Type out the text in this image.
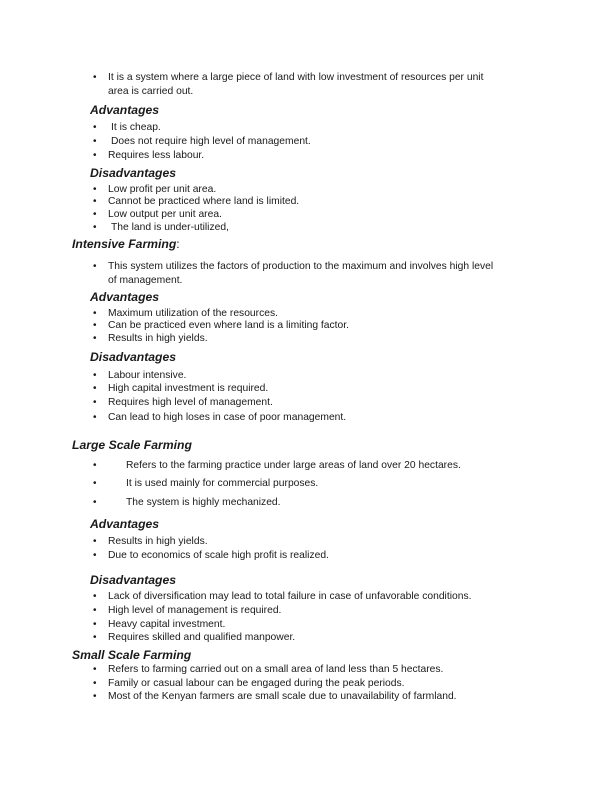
• It is a system where a large piece of land with low investment of resources per unit
area is carried out.
Advantages
• It is cheap.
• Does not require high level of management.
• Requires less labour.
Disadvantages
• Low profit per unit area.
• Cannot be practiced where land is limited.
• Low output per unit area.
• The land is under-utilized,
Intensive Farming:
• This system utilizes the factors of production to the maximum and involves high level
of management.
Advantages
• Maximum utilization of the resources.
• Can be practiced even where land is a limiting factor.
• Results in high yields.
Disadvantages
• Labour intensive.
• High capital investment is required.
• Requires high level of management.
• Can lead to high loses in case of poor management.
Large Scale Farming
•	Refers to the farming practice under large areas of land over 20 hectares.
•	It is used mainly for commercial purposes.
•	The system is highly mechanized.
Advantages
• Results in high yields.
• Due to economics of scale high profit is realized.
Disadvantages
• Lack of diversification may lead to total failure in case of unfavorable conditions.
• High level of management is required.
• Heavy capital investment.
• Requires skilled and qualified manpower.
Small Scale Farming
• Refers to farming carried out on a small area of land less than 5 hectares.
• Family or casual labour can be engaged during the peak periods.
• Most of the Kenyan farmers are small scale due to unavailability of farmland.
